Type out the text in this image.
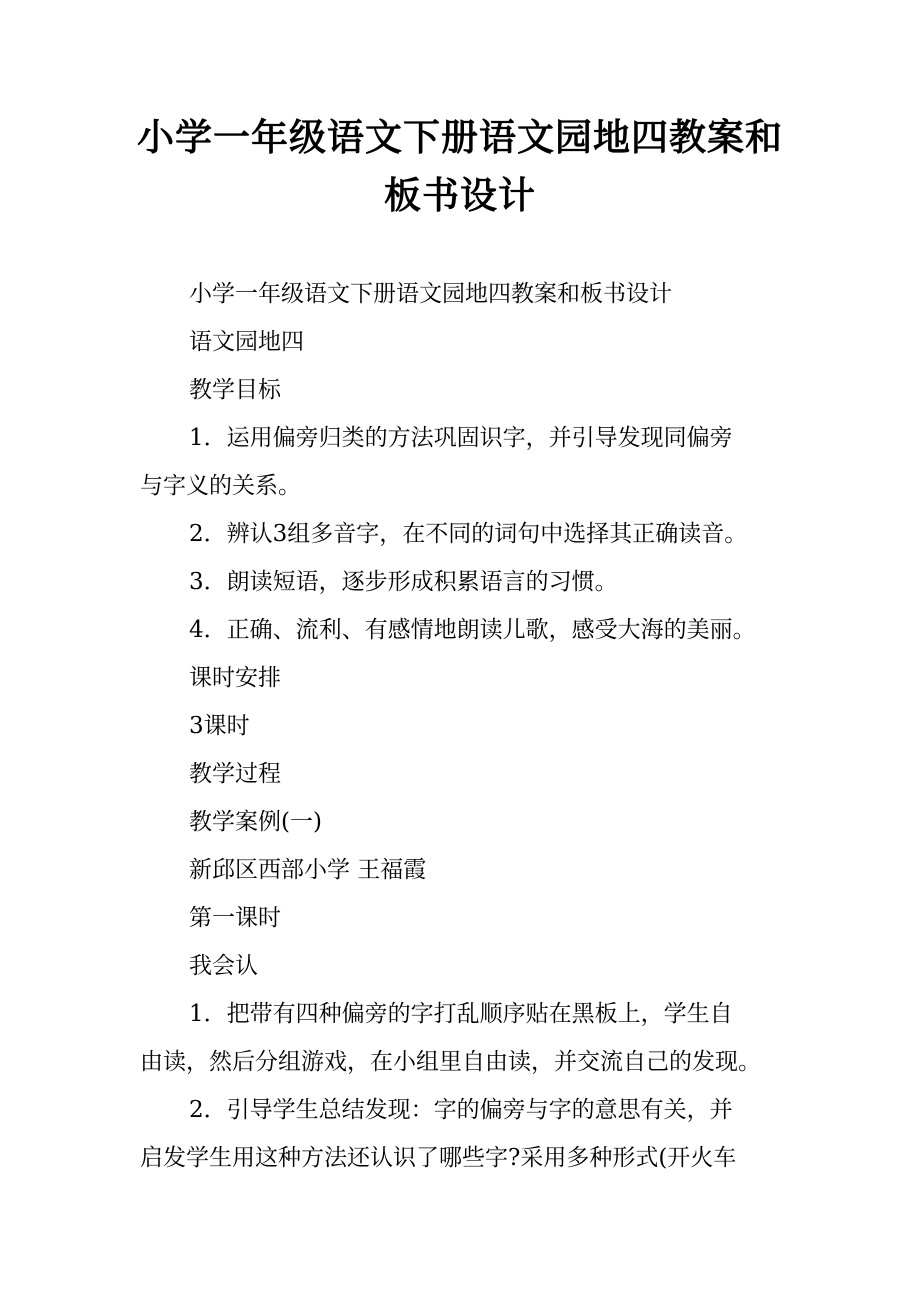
小学一年级语文下册语文园地四教案和
板书设计
小学一年级语文下册语文园地四教案和板书设计
语文园地四
教学目标
1．运用偏旁归类的方法巩固识字，并引导发现同偏旁
与字义的关系。
2．辨认3组多音字，在不同的词句中选择其正确读音。
3．朗读短语，逐步形成积累语言的习惯。
4．正确、流利、有感情地朗读儿歌，感受大海的美丽。
课时安排
3课时
教学过程
教学案例(一)
新邱区西部小学 王福霞
第一课时
我会认
1．把带有四种偏旁的字打乱顺序贴在黑板上，学生自
由读，然后分组游戏，在小组里自由读，并交流自己的发现。
2．引导学生总结发现：字的偏旁与字的意思有关，并
启发学生用这种方法还认识了哪些字?采用多种形式(开火车
